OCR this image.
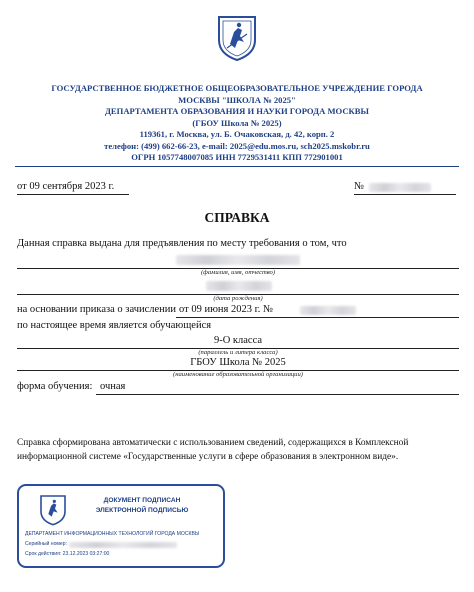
ГОСУДАРСТВЕННОЕ БЮДЖЕТНОЕ ОБЩЕОБРАЗОВАТЕЛЬНОЕ УЧРЕЖДЕНИЕ ГОРОДА
МОСКВЫ "ШКОЛА № 2025"
ДЕПАРТАМЕНТА ОБРАЗОВАНИЯ И НАУКИ ГОРОДА МОСКВЫ
(ГБОУ Школа № 2025)
119361, г. Москва, ул. Б. Очаковская, д. 42, корп. 2
телефон: (499) 662-66-23, e-mail: 2025@edu.mos.ru, sch2025.mskobr.ru
ОГРН 1057748007085 ИНН 7729531411 КПП 772901001
от 09 сентября 2023 г.	№
СПРАВКА
Данная справка выдана для предъявления по месту требования о том, что
(фамилия, имя, отчество)
(дата рождения)
на основании приказа о зачислении от 09 июня 2023 г. №
по настоящее время является обучающейся
9-О класса
(параллель и литера класса)
ГБОУ Школа № 2025
(наименование образовательной организации)
форма обучения: очная
Справка сформирована автоматически с использованием сведений, содержащихся в Комплексной
информационной системе «Государственные услуги в сфере образования в электронном виде».
ДОКУМЕНТ ПОДПИСАН
ЭЛЕКТРОННОЙ ПОДПИСЬЮ
ДЕПАРТАМЕНТ ИНФОРМАЦИОННЫХ ТЕХНОЛОГИЙ ГОРОДА МОСКВЫ
Серийный номер:
Срок действия: 23.12.2023 03:27:00
